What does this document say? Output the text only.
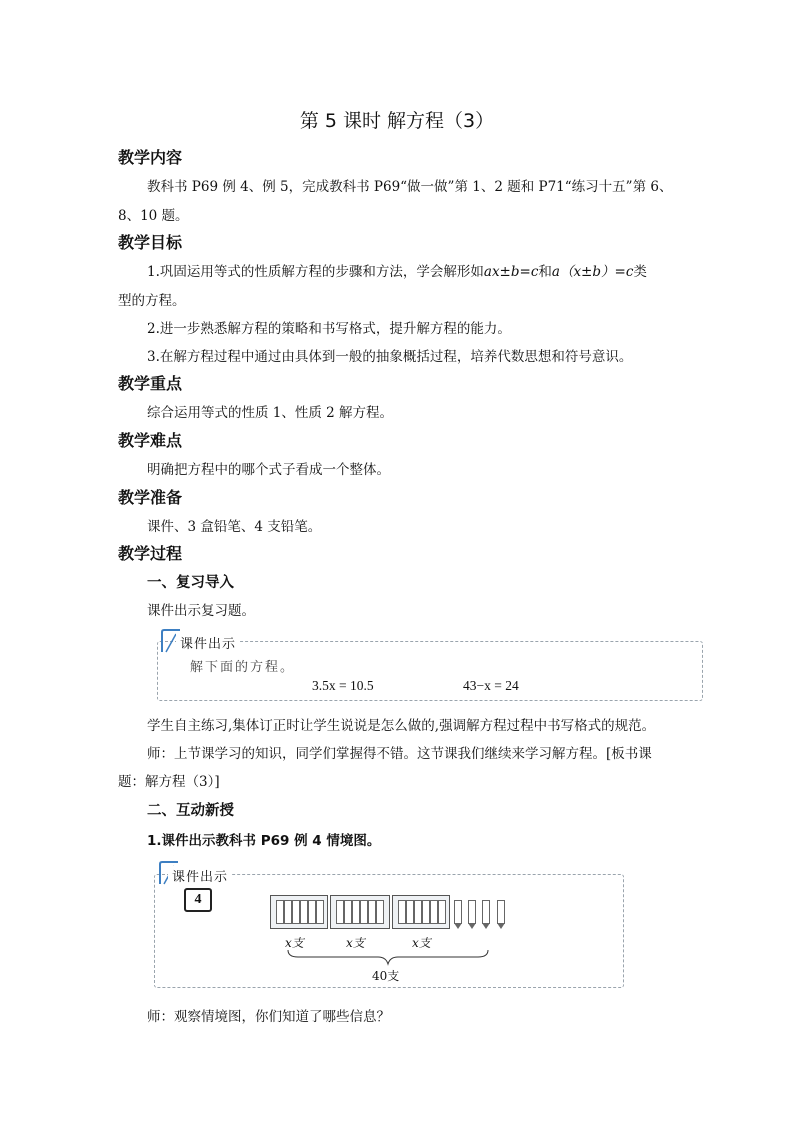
第 5 课时 解方程（3）
教学内容
教科书 P69 例 4、例 5，完成教科书 P69“做一做”第 1、2 题和 P71“练习十五”第 6、
8、10 题。
教学目标
1.巩固运用等式的性质解方程的步骤和方法，学会解形如ax±b=c和a（x±b）=c类
型的方程。
2.进一步熟悉解方程的策略和书写格式，提升解方程的能力。
3.在解方程过程中通过由具体到一般的抽象概括过程，培养代数思想和符号意识。
教学重点
综合运用等式的性质 1、性质 2 解方程。
教学难点
明确把方程中的哪个式子看成一个整体。
教学准备
课件、3 盒铅笔、4 支铅笔。
教学过程
一、复习导入
课件出示复习题。
课件出示
解下面的方程。
3.5x = 10.5	43−x = 24
学生自主练习,集体订正时让学生说说是怎么做的,强调解方程过程中书写格式的规范。
师：上节课学习的知识，同学们掌握得不错。这节课我们继续来学习解方程。[板书课
题：解方程（3）]
二、互动新授
1.课件出示教科书 P69 例 4 情境图。
课件出示
4
x支	x支	x支
40支
师：观察情境图，你们知道了哪些信息？
